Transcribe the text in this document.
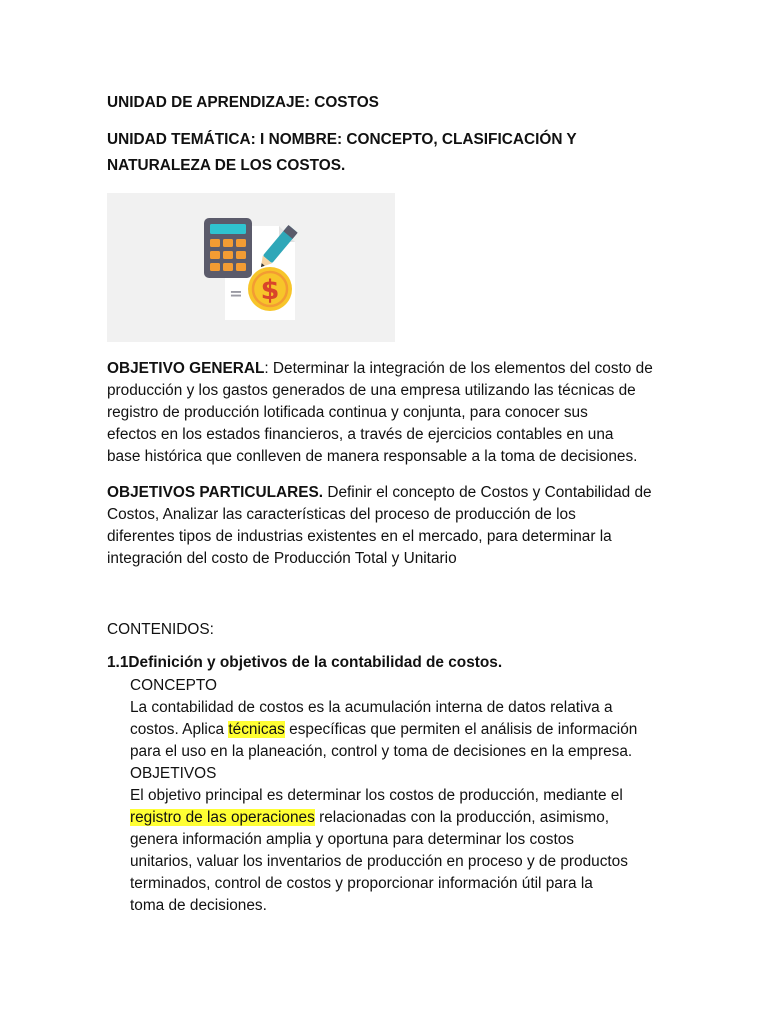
UNIDAD DE APRENDIZAJE: COSTOS
UNIDAD TEMÁTICA: I NOMBRE: CONCEPTO, CLASIFICACIÓN Y
NATURALEZA DE LOS COSTOS.
= $
OBJETIVO GENERAL: Determinar la integración de los elementos del costo de
producción y los gastos generados de una empresa utilizando las técnicas de
registro de producción lotificada continua y conjunta, para conocer sus
efectos en los estados financieros, a través de ejercicios contables en una
base histórica que conlleven de manera responsable a la toma de decisiones.
OBJETIVOS PARTICULARES. Definir el concepto de Costos y Contabilidad de
Costos, Analizar las características del proceso de producción de los
diferentes tipos de industrias existentes en el mercado, para determinar la
integración del costo de Producción Total y Unitario
CONTENIDOS:
1.1Definición y objetivos de la contabilidad de costos.
CONCEPTO
La contabilidad de costos es la acumulación interna de datos relativa a
costos. Aplica técnicas específicas que permiten el análisis de información
para el uso en la planeación, control y toma de decisiones en la empresa.
OBJETIVOS
El objetivo principal es determinar los costos de producción, mediante el
registro de las operaciones relacionadas con la producción, asimismo,
genera información amplia y oportuna para determinar los costos
unitarios, valuar los inventarios de producción en proceso y de productos
terminados, control de costos y proporcionar información útil para la
toma de decisiones.
